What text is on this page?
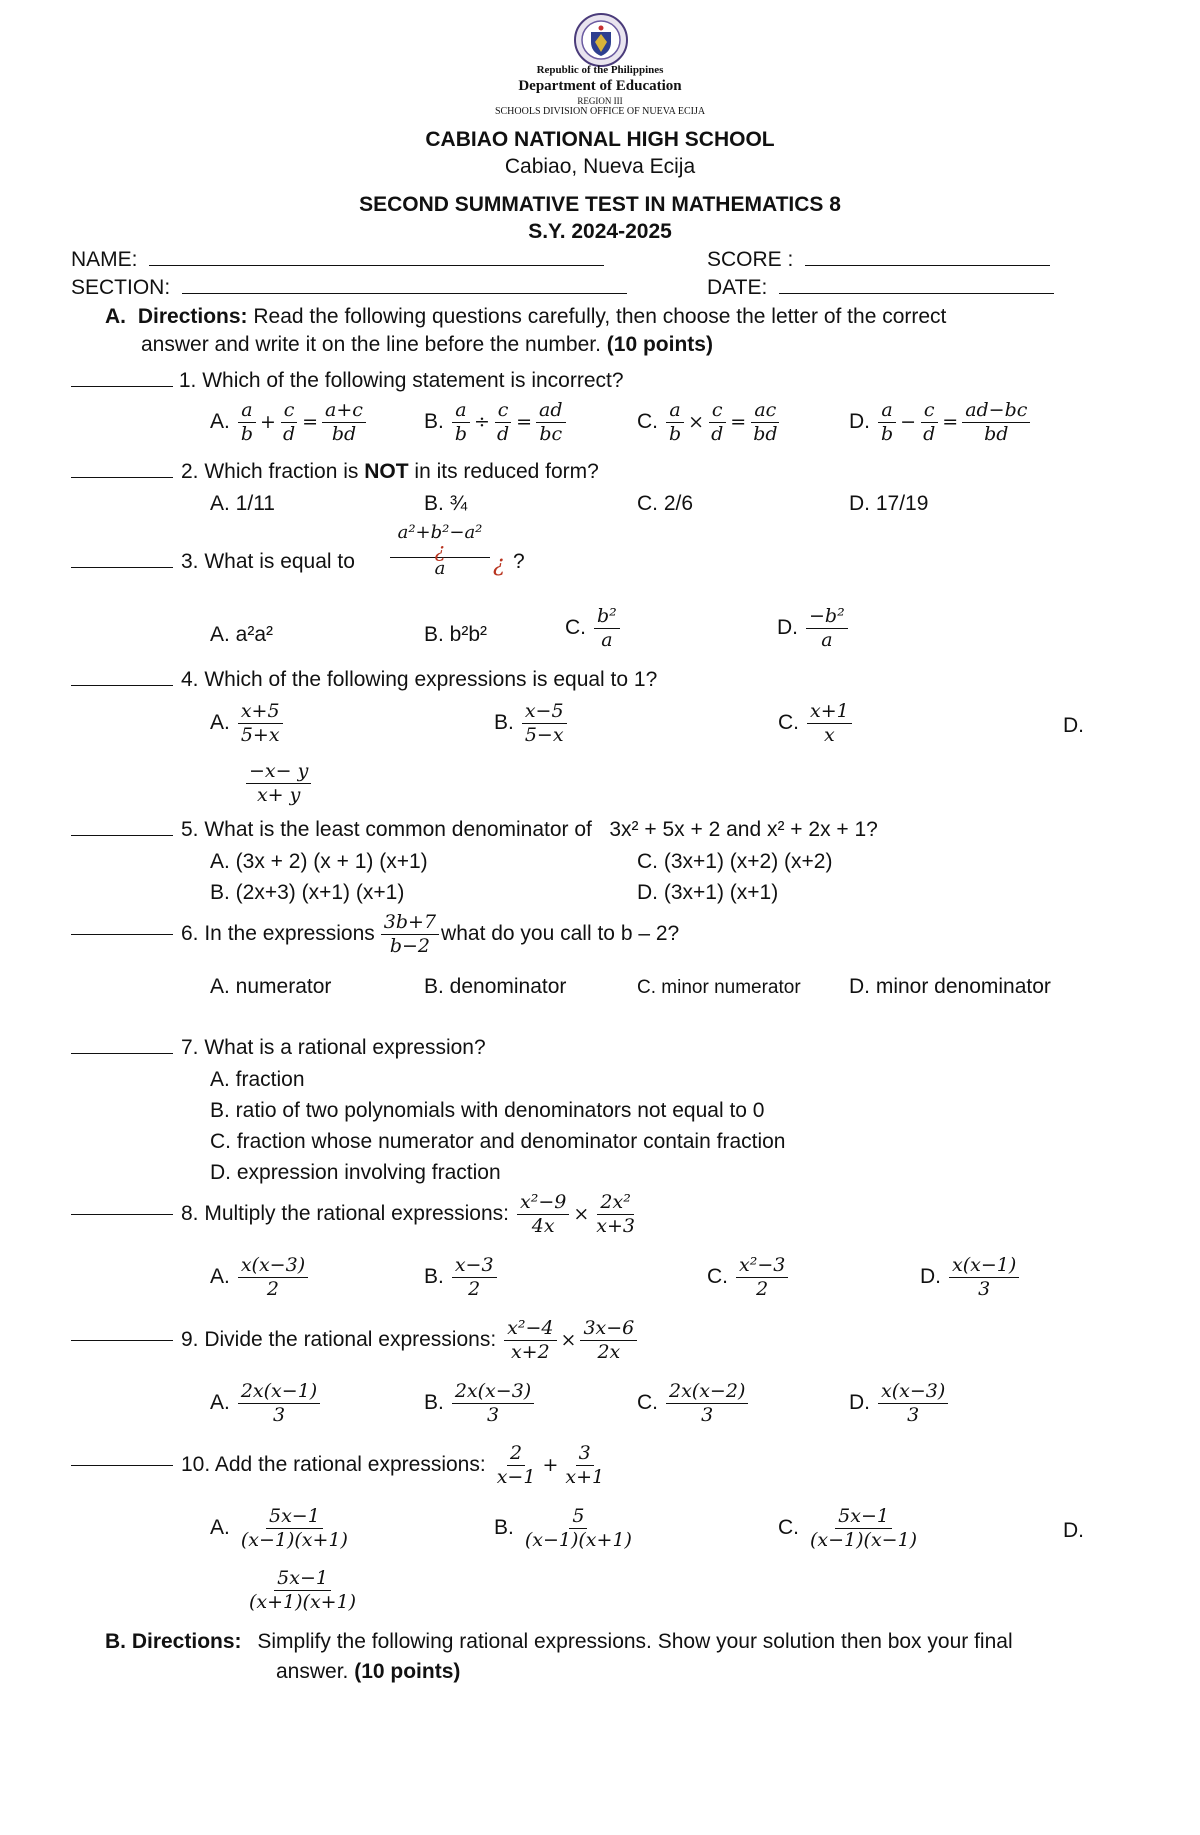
Republic of the Philippines
Department of Education
REGION III
SCHOOLS DIVISION OFFICE OF NUEVA ECIJA
CABIAO NATIONAL HIGH SCHOOL
Cabiao, Nueva Ecija
SECOND SUMMATIVE TEST IN MATHEMATICS 8
S.Y. 2024-2025
NAME:	SCORE :
SECTION:	DATE:
A. Directions: Read the following questions carefully, then choose the letter of the correct
answer and write it on the line before the number. (10 points)
1. Which of the following statement is incorrect?
A. $\frac{a}{b} + \frac{c}{d} = \frac{a+c}{bd}$	B. $\frac{a}{b} \div \frac{c}{d} = \frac{ad}{bc}$	C. $\frac{a}{b} \times \frac{c}{d} = \frac{ac}{bd}$	D. $\frac{a}{b} - \frac{c}{d} = \frac{ad-bc}{bd}$
2. Which fraction is NOT in its reduced form?
A. 1/11	B. ¾	C. 2/6	D. 17/19
3. What is equal to
a²+b²−a²
¿
a	¿ ?
A. a²a²	B. b²b²	C. $\frac{\text{b²}}{a}$	D. $\frac{\text{−b²}}{a}$
4. Which of the following expressions is equal to 1?
A. $\frac{x+5}{5+x}$	B. $\frac{x-5}{5-x}$	C. $\frac{x+1}{x}$	D.
$\frac{-x- y}{x+ y}$
5. What is the least common denominator of   3x² + 5x + 2 and x² + 2x + 1?
A. (3x + 2) (x + 1) (x+1)	C. (3x+1) (x+2) (x+2)
B. (2x+3) (x+1) (x+1)	D. (3x+1) (x+1)
6. In the expressions $\frac{3b+7}{b-2}$ what do you call to b – 2?
A. numerator	B. denominator	C. minor numerator D. minor denominator
7. What is a rational expression?
A. fraction
B. ratio of two polynomials with denominators not equal to 0
C. fraction whose numerator and denominator contain fraction
D. expression involving fraction
8. Multiply the rational expressions: $\frac{\text{x²−9}}{4x} \times \frac{\text{2x²}}{x+3}$
A. $\frac{x(x-3)}{2}$	B. $\frac{x-3}{2}$	C. $\frac{\text{x²−3}}{2}$	D. $\frac{x(x-1)}{3}$
9. Divide the rational expressions: $\frac{\text{x²−4}}{x+2} \times \frac{3x-6}{2x}$
A. $\frac{2x(x-1)}{3}$	B. $\frac{2x(x-3)}{3}$	C. $\frac{2x(x-2)}{3}$	D. $\frac{x(x-3)}{3}$
10. Add the rational expressions: $\frac{2}{x-1} + \frac{3}{x+1}$
A. $\frac{5x-1}{(x-1)(x+1)}$	B. $\frac{5}{(x-1)(x+1)}$	C. $\frac{5x-1}{(x-1)(x-1)}$	D.
$\frac{5x-1}{(x+1)(x+1)}$
B. Directions: Simplify the following rational expressions. Show your solution then box your final
answer. (10 points)
